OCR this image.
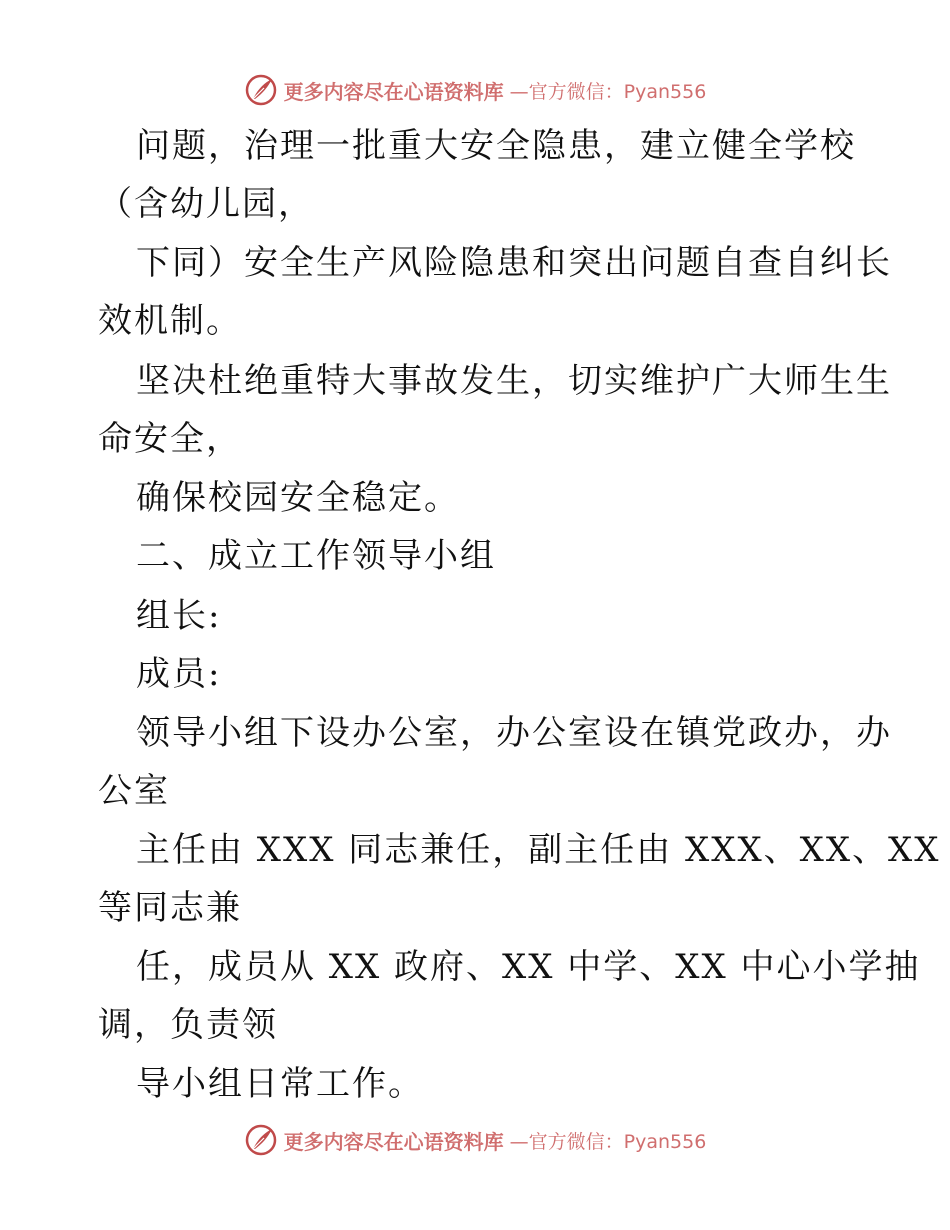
更多内容尽在心语资料库 —官方微信：Pyan556
问题，治理一批重大安全隐患，建立健全学校
（含幼儿园，
下同）安全生产风险隐患和突出问题自查自纠长
效机制。
坚决杜绝重特大事故发生，切实维护广大师生生
命安全，
确保校园安全稳定。
二、成立工作领导小组
组长:
成员:
领导小组下设办公室，办公室设在镇党政办，办
公室
主任由 XXX 同志兼任，副主任由 XXX、XX、XX
等同志兼
任，成员从 XX 政府、XX 中学、XX 中心小学抽
调，负责领
导小组日常工作。
更多内容尽在心语资料库 —官方微信：Pyan556
